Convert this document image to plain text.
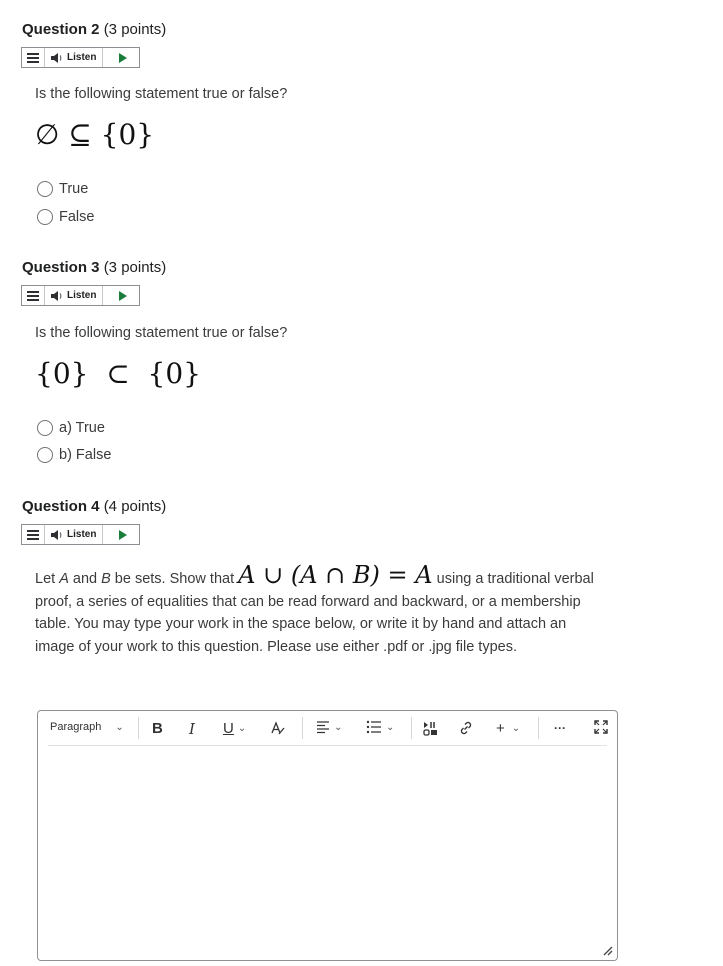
Question 2 (3 points)
Listen
Is the following statement true or false?
∅ ⊆ {0}
True
False
Question 3 (3 points)
Listen
Is the following statement true or false?
{0}  ⊂  {0}
a) True
b) False
Question 4 (4 points)
Listen
Let A and B be sets. Show that A ∪ (A ∩ B) = A using a traditional verbal proof, a series of equalities that can be read forward and backward, or a membership table. You may type your work in the space below, or write it by hand and attach an image of your work to this question. Please use either .pdf or .jpg file types.
Paragraph ⌄ B I U ⌄	⌄	⌄	+ ⌄	···
